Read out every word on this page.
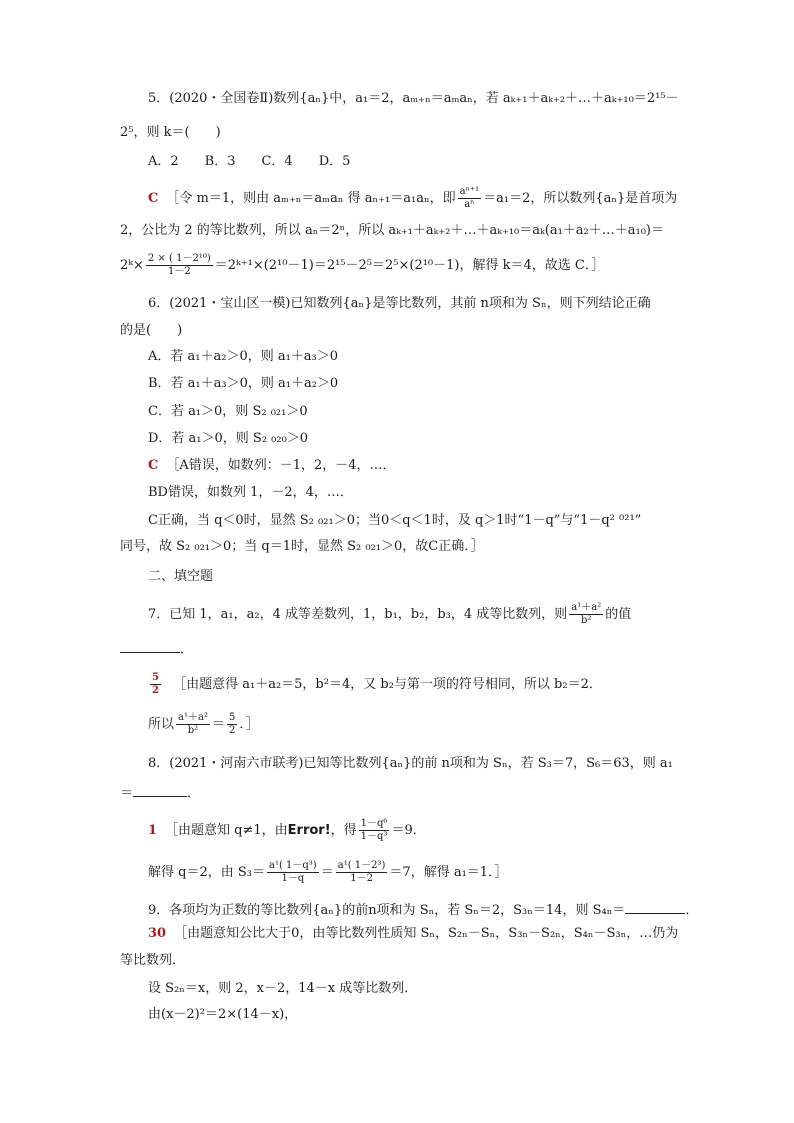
5．(2020・全国卷Ⅱ)数列{aₙ}中，a₁＝2，aₘ₊ₙ＝aₘaₙ，若 aₖ₊₁＋aₖ₊₂＋…＋aₖ₊₁₀＝2¹⁵－
2⁵，则 k＝(　　)
A．2　　B．3　　C．4　　D．5
C ［令 m＝1，则由 aₘ₊ₙ＝aₘaₙ 得 aₙ₊₁＝a₁aₙ，即 $\frac{\text{aⁿ⁺¹}}{\text{aⁿ}} =a_1=2$，所以数列{aₙ}是首项为
2，公比为 2 的等比数列，所以 aₙ＝2ⁿ，所以 aₖ₊₁＋aₖ₊₂＋…＋aₖ₊₁₀＝aₖ(a₁＋a₂＋…＋a₁₀)＝
2ᵏ× $\frac{\text{2 × ( 1－2¹⁰)}}{1-2}$ ＝2ᵏ⁺¹×(2¹⁰－1)＝2¹⁵－2⁵＝2⁵×(2¹⁰－1)，解得 k＝4，故选 C．］
6．(2021・宝山区一模)已知数列{aₙ}是等比数列，其前 n项和为 Sₙ，则下列结论正确
的是(　　)
A．若 a₁＋a₂＞0，则 a₁＋a₃＞0
B．若 a₁＋a₃＞0，则 a₁＋a₂＞0
C．若 a₁＞0，则 S₂ ₀₂₁＞0
D．若 a₁＞0，则 S₂ ₀₂₀＞0
C ［A错误，如数列：－1，2，－4，…．
BD错误，如数列 1，－2，4，…．
C正确，当 q＜0时，显然 S₂ ₀₂₁＞0；当0＜q＜1时，及 q＞1时“1－q”与“1－q² ⁰²¹”
同号，故 S₂ ₀₂₁＞0；当 q＝1时，显然 S₂ ₀₂₁＞0，故C正确．］
二、填空题
7．已知 1，a₁，a₂，4 成等差数列，1，b₁，b₂，b₃，4 成等比数列，则 $\frac{\text{a¹＋a²}}{\text{b²}}$ 的值
．
$\frac{5}{2}$ ［由题意得 a₁＋a₂＝5，b²＝4，又 b₂与第一项的符号相同，所以 b₂＝2．
所以 $\frac{\text{a¹＋a²}}{\text{b²}} = \frac{5}{2}$ ．］
8．(2021・河南六市联考)已知等比数列{aₙ}的前 n项和为 Sₙ，若 S₃＝7，S₆＝63，则 a₁
＝	．
1 ［由题意知 q≠1，由Error!，得 $\frac{\text{1－q⁶}}{\text{1－q³}} =9$．
解得 q＝2，由 $S_3= \frac{\text{a¹( 1－q³)}}{1-q} = \frac{\text{a¹( 1－2³)}}{1-2} =7$，解得 a₁＝1．］
9．各项均为正数的等比数列{aₙ}的前n项和为 Sₙ，若 Sₙ＝2，S₃ₙ＝14，则 S₄ₙ＝	．
30 ［由题意知公比大于0，由等比数列性质知 Sₙ，S₂ₙ－Sₙ，S₃ₙ－S₂ₙ，S₄ₙ－S₃ₙ，…仍为
等比数列．
设 S₂ₙ＝x，则 2，x－2，14－x 成等比数列．
由(x－2)²＝2×(14－x)，
